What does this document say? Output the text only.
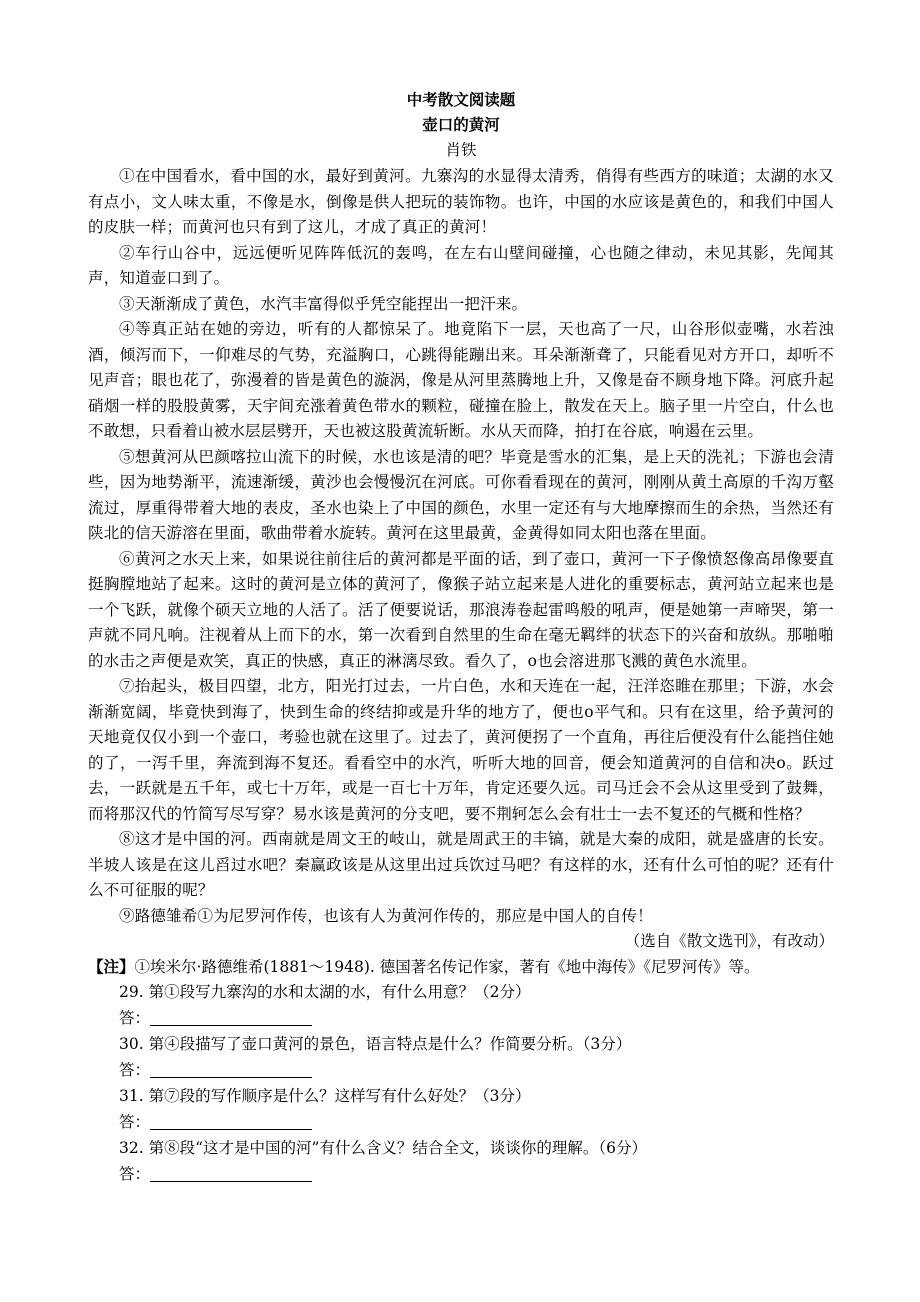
中考散文阅读题
壶口的黄河
肖铁

①在中国看水，看中国的水，最好到黄河。九寨沟的水显得太清秀，俏得有些西方的味道；太湖的水又有点小，文人味太重，不像是水，倒像是供人把玩的装饰物。也许，中国的水应该是黄色的，和我们中国人的皮肤一样；而黄河也只有到了这儿，才成了真正的黄河！

②车行山谷中，远远便听见阵阵低沉的轰鸣，在左右山壁间碰撞，心也随之律动，未见其影，先闻其声，知道壶口到了。

③天渐渐成了黄色，水汽丰富得似乎凭空能捏出一把汗来。

④等真正站在她的旁边，听有的人都惊呆了。地竟陷下一层，天也高了一尺，山谷形似壶嘴，水若浊酒，倾泻而下，一仰难尽的气势，充溢胸口，心跳得能蹦出来。耳朵渐渐聋了，只能看见对方开口，却听不见声音；眼也花了，弥漫着的皆是黄色的漩涡，像是从河里蒸腾地上升，又像是奋不顾身地下降。河底升起硝烟一样的股股黄雾，天宇间充涨着黄色带水的颗粒，碰撞在脸上，散发在天上。脑子里一片空白，什么也不敢想，只看着山被水层层劈开，天也被这股黄流斩断。水从天而降，拍打在谷底，响遏在云里。

⑤想黄河从巴颜喀拉山流下的时候，水也该是清的吧？毕竟是雪水的汇集，是上天的洗礼；下游也会清些，因为地势渐平，流速渐缓，黄沙也会慢慢沉在河底。可你看看现在的黄河，刚刚从黄土高原的千沟万壑流过，厚重得带着大地的表皮，圣水也染上了中国的颜色，水里一定还有与大地摩擦而生的余热，当然还有陕北的信天游溶在里面，歌曲带着水旋转。黄河在这里最黄，金黄得如同太阳也落在里面。

⑥黄河之水天上来，如果说往前往后的黄河都是平面的话，到了壶口，黄河一下子像愤怒像高昂像要直挺胸膛地站了起来。这时的黄河是立体的黄河了，像猴子站立起来是人进化的重要标志，黄河站立起来也是一个飞跃，就像个硕天立地的人活了。活了便要说话，那浪涛卷起雷鸣般的吼声，便是她第一声啼哭，第一声就不同凡响。注视着从上而下的水，第一次看到自然里的生命在毫无羁绊的状态下的兴奋和放纵。那啪啪的水击之声便是欢笑，真正的快感，真正的淋漓尽致。看久了，o也会溶进那飞溅的黄色水流里。

⑦抬起头，极目四望，北方，阳光打过去，一片白色，水和天连在一起，汪洋恣睢在那里；下游，水会渐渐宽阔，毕竟快到海了，快到生命的终结抑或是升华的地方了，便也o平气和。只有在这里，给予黄河的天地竟仅仅小到一个壶口，考验也就在这里了。过去了，黄河便拐了一个直角，再往后便没有什么能挡住她的了，一泻千里，奔流到海不复还。看看空中的水汽，听听大地的回音，便会知道黄河的自信和决o。跃过去，一跃就是五千年，或七十万年，或是一百七十万年，肯定还要久远。司马迁会不会从这里受到了鼓舞，而将那汉代的竹简写尽写穿？易水该是黄河的分支吧，要不荆轲怎么会有壮士一去不复还的气概和性格？

⑧这才是中国的河。西南就是周文王的岐山，就是周武王的丰镐，就是大秦的成阳，就是盛唐的长安。半坡人该是在这儿舀过水吧？秦赢政该是从这里出过兵饮过马吧？有这样的水，还有什么可怕的呢？还有什么不可征服的呢？

⑨路德雏希①为尼罗河作传，也该有人为黄河作传的，那应是中国人的自传！

（选自《散文选刊》，有改动）
【注】①埃米尔·路德维希(1881～1948). 德国著名传记作家，著有《地中海传》《尼罗河传》等。
29. 第①段写九寨沟的水和太湖的水，有什么用意？（2分）
答：
30. 第④段描写了壶口黄河的景色，语言特点是什么？作简要分析。（3分）
答：
31. 第⑦段的写作顺序是什么？这样写有什么好处？（3分）
答：
32. 第⑧段“这才是中国的河”有什么含义？结合全文，谈谈你的理解。（6分）
答：
